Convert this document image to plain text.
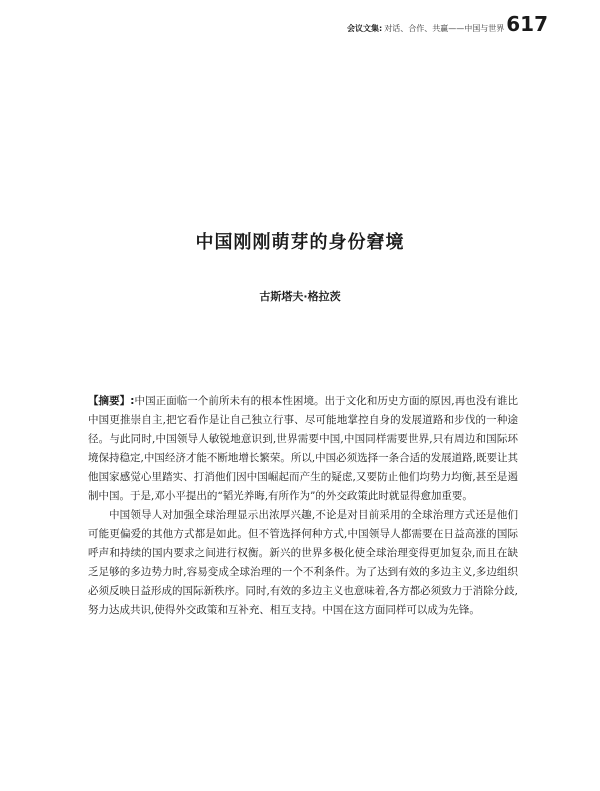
会议文集: 对话、合作、共赢——中国与世界 617
中国刚刚萌芽的身份窘境
古斯塔夫·格拉茨

【摘要】:中国正面临一个前所未有的根本性困境。出于文化和历史方面的原因,再也没有谁比中国更推崇自主,把它看作是让自己独立行事、尽可能地掌控自身的发展道路和步伐的一种途径。与此同时,中国领导人敏锐地意识到,世界需要中国,中国同样需要世界,只有周边和国际环境保持稳定,中国经济才能不断地增长繁荣。所以,中国必须选择一条合适的发展道路,既要让其他国家感觉心里踏实、打消他们因中国崛起而产生的疑虑,又要防止他们均势力均衡,甚至是遏制中国。于是,邓小平提出的“韬光养晦,有所作为”的外交政策此时就显得愈加重要。

中国领导人对加强全球治理显示出浓厚兴趣,不论是对目前采用的全球治理方式还是他们可能更偏爱的其他方式都是如此。但不管选择何种方式,中国领导人都需要在日益高涨的国际呼声和持续的国内要求之间进行权衡。新兴的世界多极化使全球治理变得更加复杂,而且在缺乏足够的多边势力时,容易变成全球治理的一个不利条件。为了达到有效的多边主义,多边组织必须反映日益形成的国际新秩序。同时,有效的多边主义也意味着,各方都必须致力于消除分歧,努力达成共识,使得外交政策和互补充、相互支持。中国在这方面同样可以成为先锋。
